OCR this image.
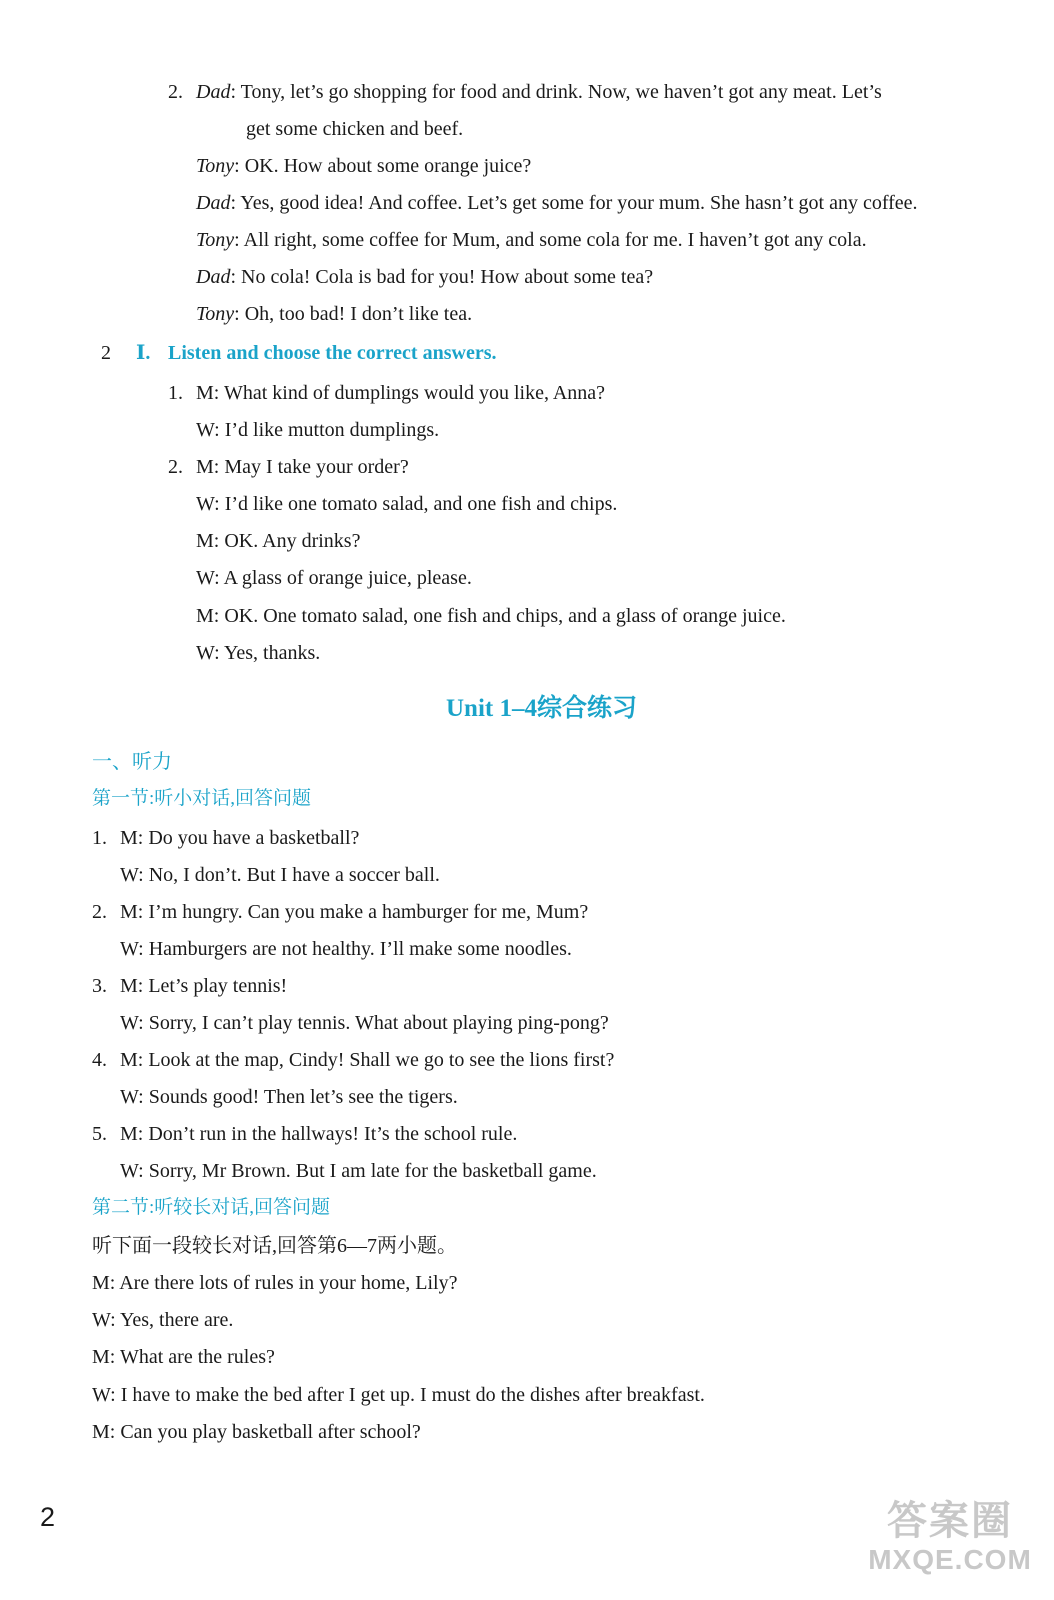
2. Dad: Tony, let’s go shopping for food and drink. Now, we haven’t got any meat. Let’s
get some chicken and beef.
Tony: OK. How about some orange juice?
Dad: Yes, good idea! And coffee. Let’s get some for your mum. She hasn’t got any coffee.
Tony: All right, some coffee for Mum, and some cola for me. I haven’t got any cola.
Dad: No cola! Cola is bad for you! How about some tea?
Tony: Oh, too bad! I don’t like tea.
2 Ⅰ. Listen and choose the correct answers.
1. M: What kind of dumplings would you like, Anna?
W: I’d like mutton dumplings.
2. M: May I take your order?
W: I’d like one tomato salad, and one fish and chips.
M: OK. Any drinks?
W: A glass of orange juice, please.
M: OK. One tomato salad, one fish and chips, and a glass of orange juice.
W: Yes, thanks.
Unit 1–4综合练习
一、听力
第一节:听小对话,回答问题
1. M: Do you have a basketball?
W: No, I don’t. But I have a soccer ball.
2. M: I’m hungry. Can you make a hamburger for me, Mum?
W: Hamburgers are not healthy. I’ll make some noodles.
3. M: Let’s play tennis!
W: Sorry, I can’t play tennis. What about playing ping-pong?
4. M: Look at the map, Cindy! Shall we go to see the lions first?
W: Sounds good! Then let’s see the tigers.
5. M: Don’t run in the hallways! It’s the school rule.
W: Sorry, Mr Brown. But I am late for the basketball game.
第二节:听较长对话,回答问题
听下面一段较长对话,回答第6—7两小题。
M: Are there lots of rules in your home, Lily?
W: Yes, there are.
M: What are the rules?
W: I have to make the bed after I get up. I must do the dishes after breakfast.
M: Can you play basketball after school?
2	答案圈
MXQE.COM
